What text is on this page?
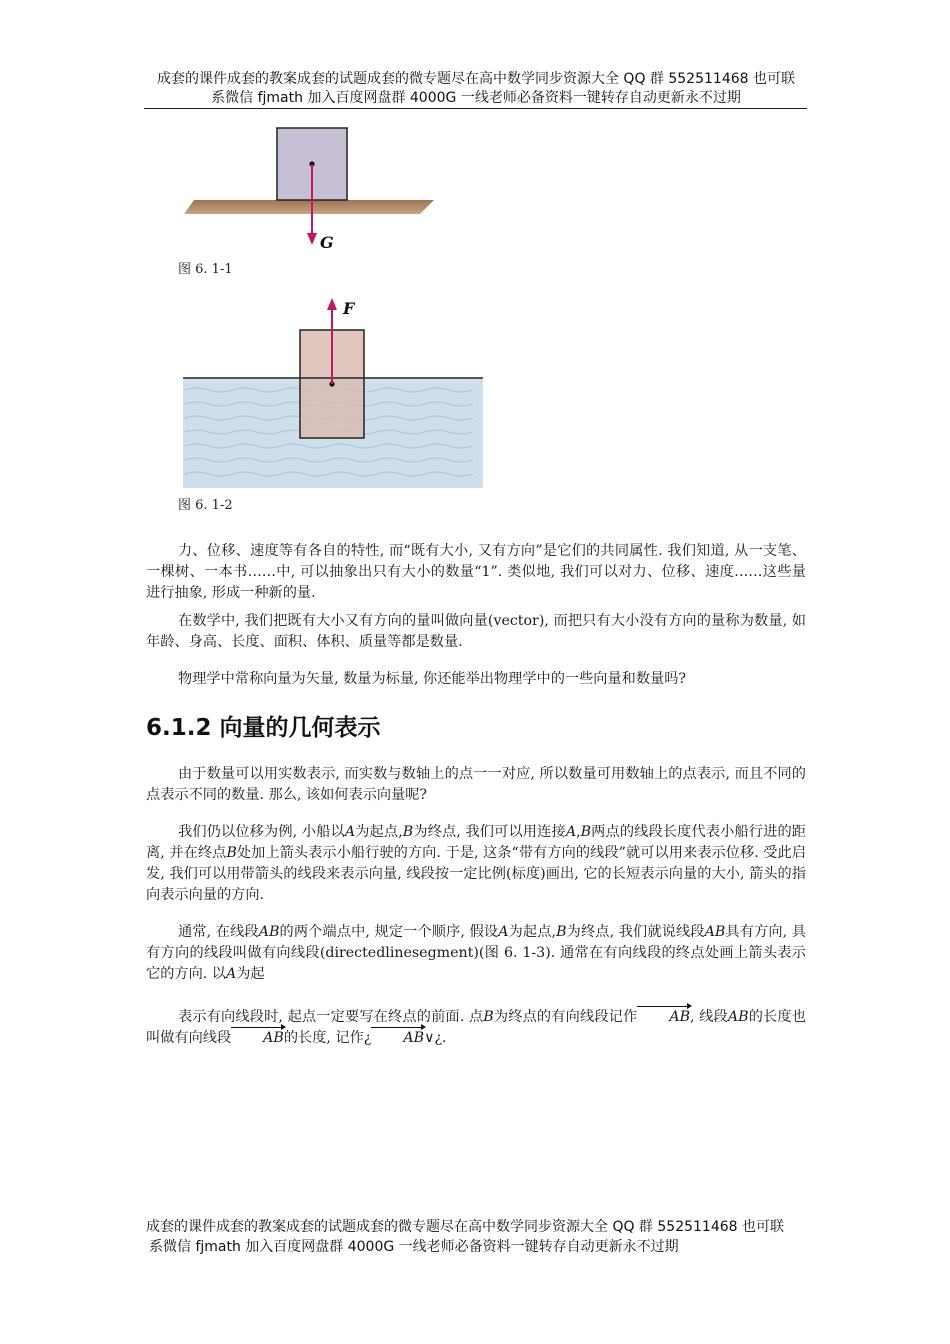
成套的课件成套的教案成套的试题成套的微专题尽在高中数学同步资源大全 QQ 群 552511468 也可联
系微信 fjmath 加入百度网盘群 4000G 一线老师必备资料一键转存自动更新永不过期
G
图 6. 1-1
F
图 6. 1-2
力、位移、速度等有各自的特性, 而“既有大小, 又有方向”是它们的共同属性. 我们知道, 从一支笔、一棵树、一本书……中, 可以抽象出只有大小的数量“1”. 类似地, 我们可以对力、位移、速度……这些量进行抽象, 形成一种新的量.
在数学中, 我们把既有大小又有方向的量叫做向量(vector), 而把只有大小没有方向的量称为数量, 如年龄、身高、长度、面积、体积、质量等都是数量.
物理学中常称向量为矢量, 数量为标量, 你还能举出物理学中的一些向量和数量吗?
6.1.2 向量的几何表示
由于数量可以用实数表示, 而实数与数轴上的点一一对应, 所以数量可用数轴上的点表示, 而且不同的点表示不同的数量. 那么, 该如何表示向量呢?
我们仍以位移为例, 小船以A为起点,B为终点, 我们可以用连接A,B两点的线段长度代表小船行进的距离, 并在终点B处加上箭头表示小船行驶的方向. 于是, 这条“带有方向的线段”就可以用来表示位移. 受此启发, 我们可以用带箭头的线段来表示向量, 线段按一定比例(标度)画出, 它的长短表示向量的大小, 箭头的指向表示向量的方向.
通常, 在线段AB的两个端点中, 规定一个顺序, 假设A为起点,B为终点, 我们就说线段AB具有方向, 具有方向的线段叫做有向线段(directedlinesegment)(图 6. 1-3). 通常在有向线段的终点处画上箭头表示它的方向. 以A为起
表示有向线段时, 起点一定要写在终点的前面. 点B为终点的有向线段记作 AB, 线段AB的长度也叫做有向线段 AB的长度, 记作¿ AB∨¿.
成套的课件成套的教案成套的试题成套的微专题尽在高中数学同步资源大全 QQ 群 552511468 也可联
系微信 fjmath 加入百度网盘群 4000G 一线老师必备资料一键转存自动更新永不过期
